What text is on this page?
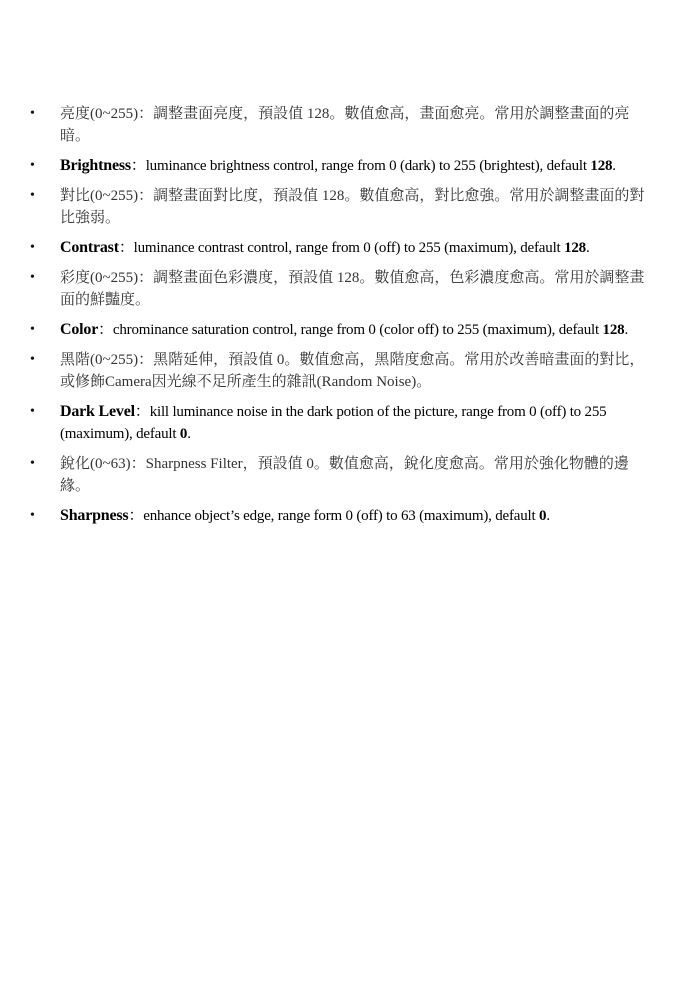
• 亮度(0~255)：調整畫面亮度，預設值 128。數值愈高，畫面愈亮。常用於調整畫面的亮暗。
• Brightness：luminance brightness control, range from 0 (dark) to 255 (brightest), default 128.
• 對比(0~255)：調整畫面對比度，預設值 128。數值愈高，對比愈強。常用於調整畫面的對比強弱。
• Contrast：luminance contrast control, range from 0 (off) to 255 (maximum), default 128.
• 彩度(0~255)：調整畫面色彩濃度，預設值 128。數值愈高，色彩濃度愈高。常用於調整畫面的鮮豔度。
• Color：chrominance saturation control, range from 0 (color off) to 255 (maximum), default 128.
• 黑階(0~255)：黑階延伸，預設值 0。數值愈高，黑階度愈高。常用於改善暗畫面的對比，或修飾Camera因光線不足所產生的雜訊(Random Noise)。
• Dark Level：kill luminance noise in the dark potion of the picture, range from 0 (off) to 255 (maximum), default 0.
• 銳化(0~63)：Sharpness Filter，預設值 0。數值愈高，銳化度愈高。常用於強化物體的邊緣。
• Sharpness：enhance object’s edge, range form 0 (off) to 63 (maximum), default 0.
